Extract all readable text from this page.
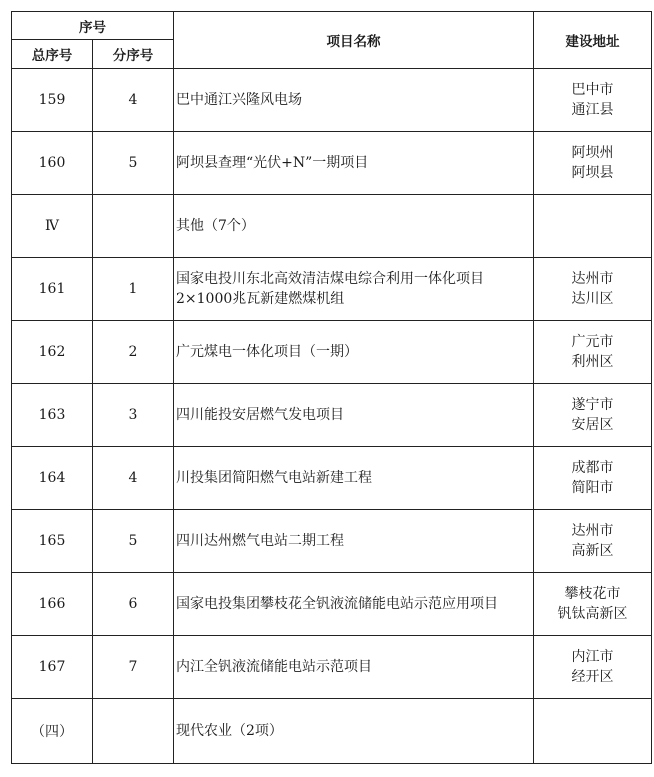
序号		项目名称	建设地址
总序号	分序号		
159	4	巴中通江兴隆风电场	巴中市
通江县

160	5	阿坝县查理“光伏+N”一期项目	阿坝州
阿坝县

Ⅳ		其他（7个）	

161	1	国家电投川东北高效清洁煤电综合利用一体化项目2×1000兆瓦新建燃煤机组	达州市
达川区

162	2	广元煤电一体化项目（一期）	广元市
利州区

163	3	四川能投安居燃气发电项目	遂宁市
安居区

164	4	川投集团简阳燃气电站新建工程	成都市
简阳市

165	5	四川达州燃气电站二期工程	达州市
高新区

166	6	国家电投集团攀枝花全钒液流储能电站示范应用项目	攀枝花市
钒钛高新区

167	7	内江全钒液流储能电站示范项目	内江市
经开区

（四）		现代农业（2项）	
